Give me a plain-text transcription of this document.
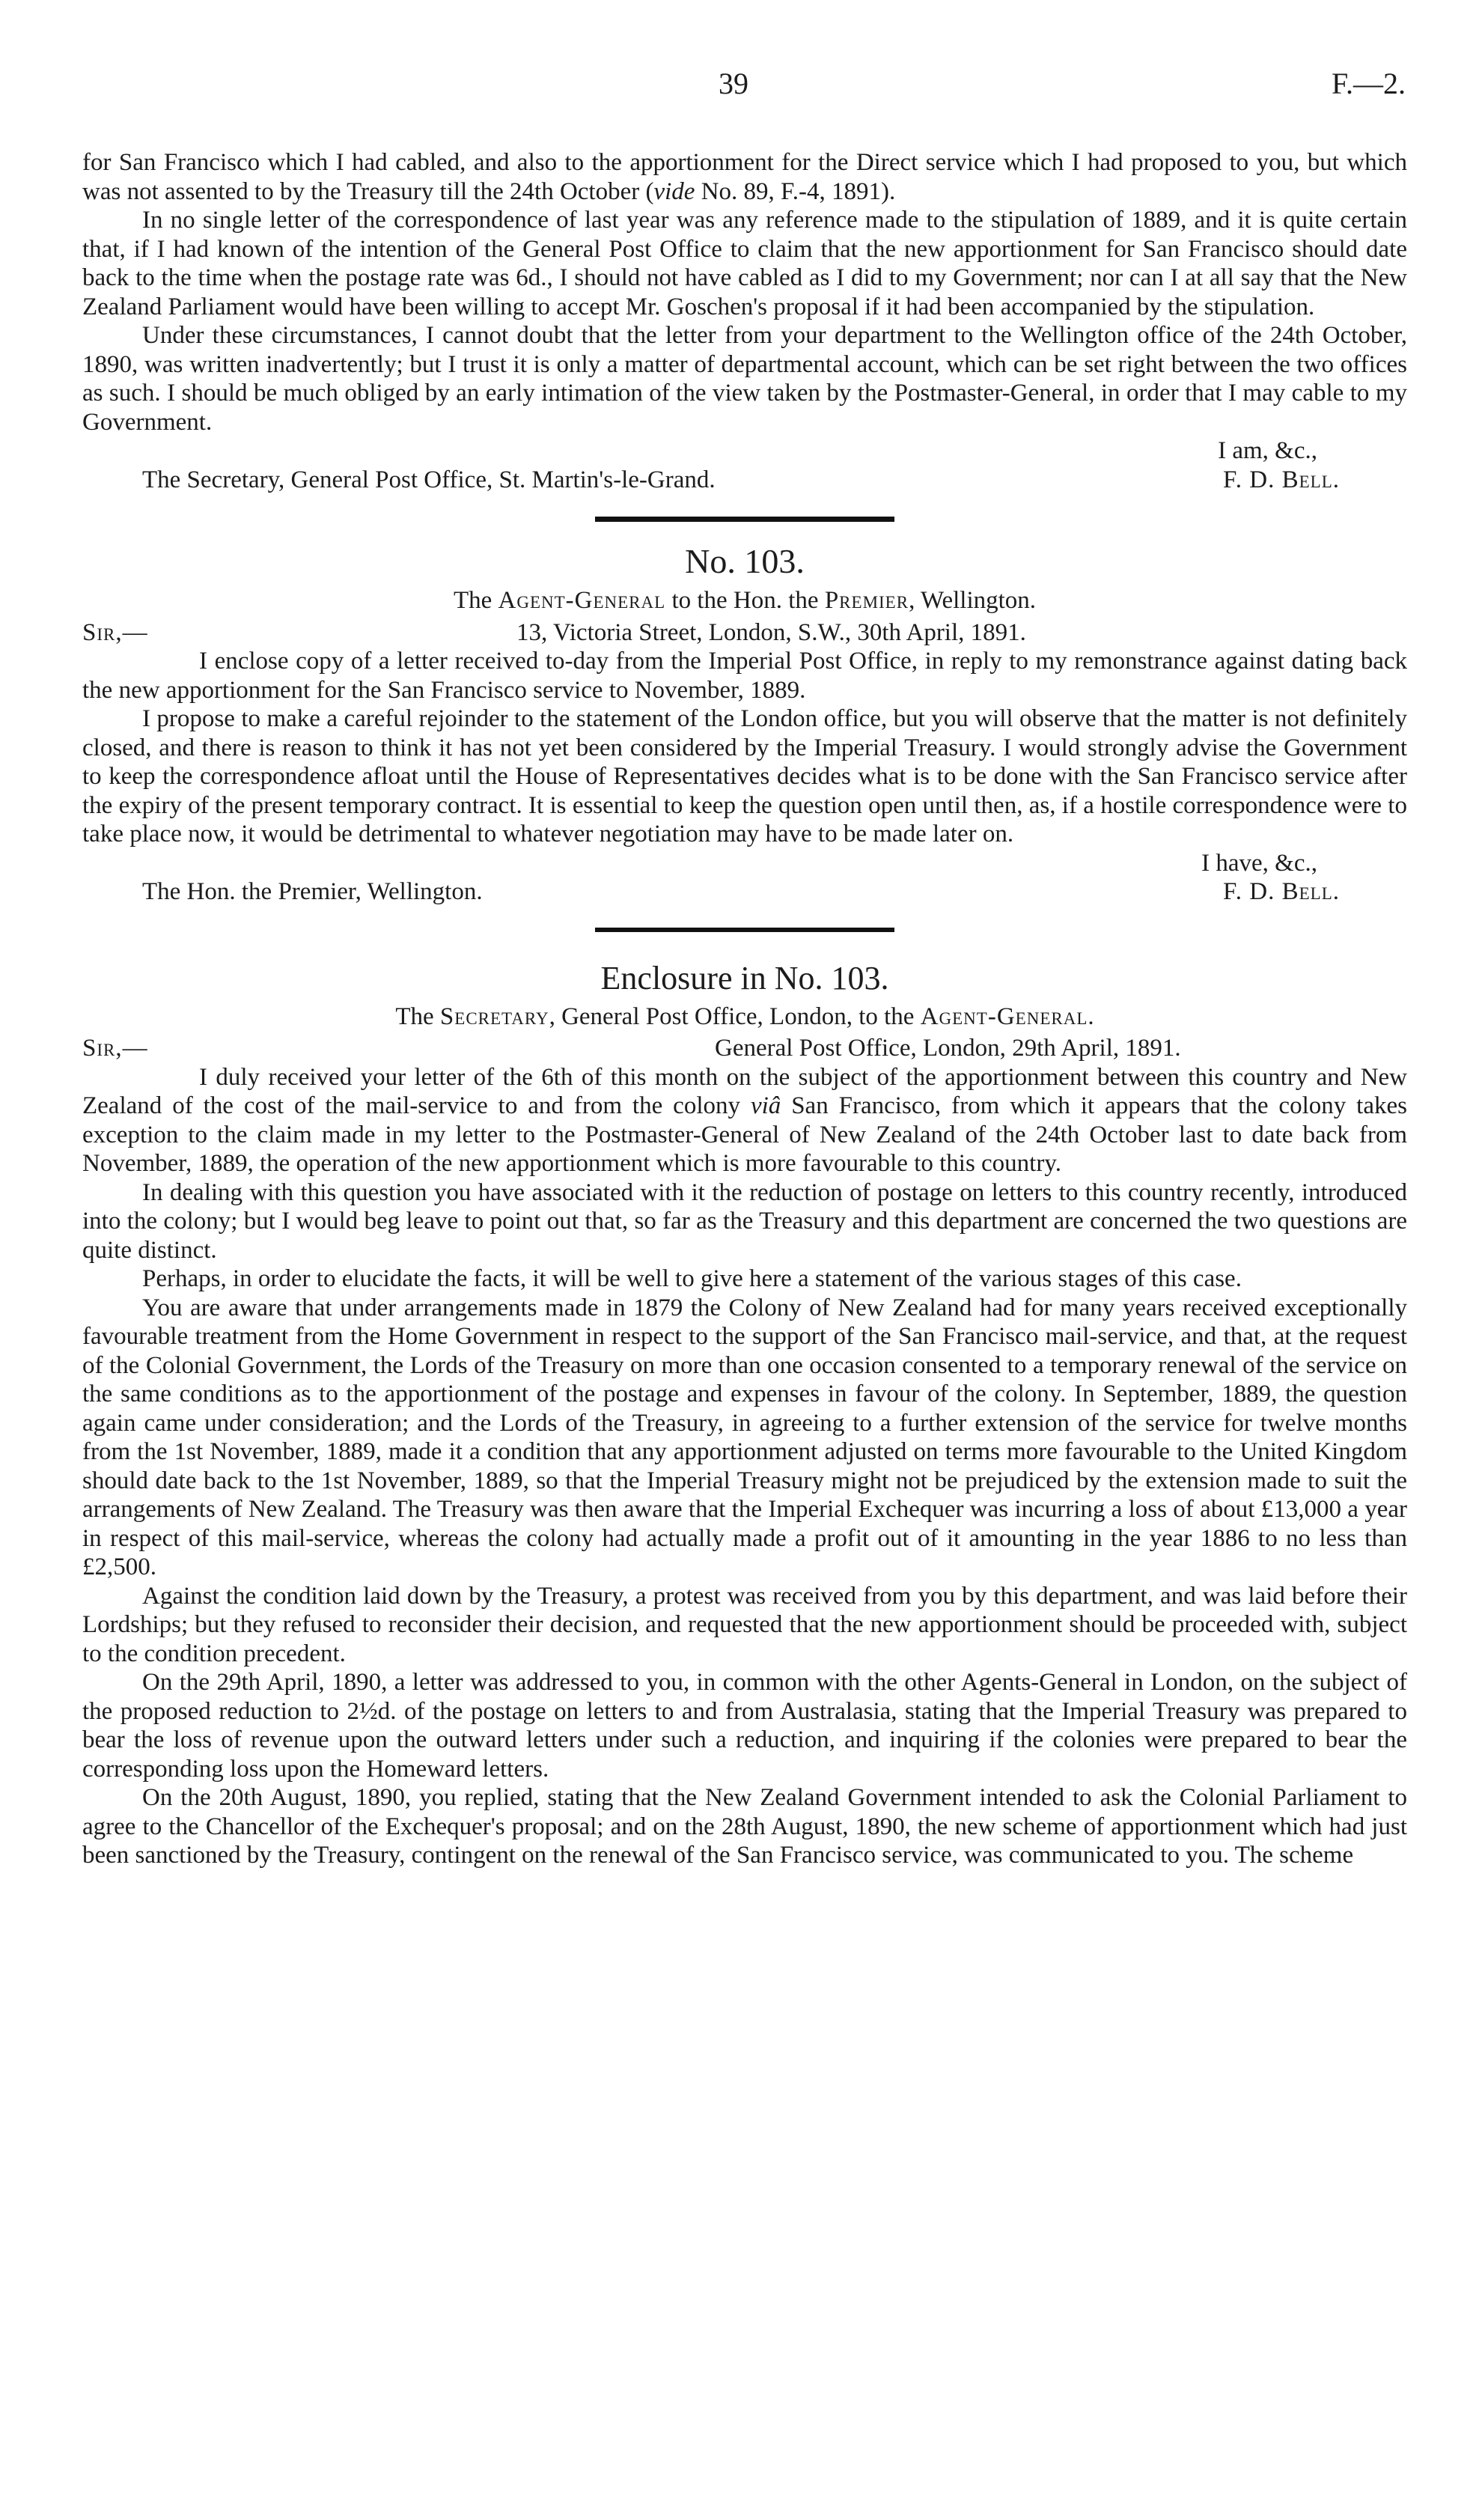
39	F.—2.

for San Francisco which I had cabled, and also to the apportionment for the Direct service which I had proposed to you, but which was not assented to by the Treasury till the 24th October (vide No. 89, F.-4, 1891).

In no single letter of the correspondence of last year was any reference made to the stipulation of 1889, and it is quite certain that, if I had known of the intention of the General Post Office to claim that the new apportionment for San Francisco should date back to the time when the postage rate was 6d., I should not have cabled as I did to my Government; nor can I at all say that the New Zealand Parliament would have been willing to accept Mr. Goschen's proposal if it had been accompanied by the stipulation.

Under these circumstances, I cannot doubt that the letter from your department to the Wellington office of the 24th October, 1890, was written inadvertently; but I trust it is only a matter of departmental account, which can be set right between the two offices as such. I should be much obliged by an early intimation of the view taken by the Postmaster-General, in order that I may cable to my Government.

I am, &c.,
The Secretary, General Post Office, St. Martin's-le-Grand.	F. D. Bell.
No. 103.
The Agent-General to the Hon. the Premier, Wellington.
Sir,—	13, Victoria Street, London, S.W., 30th April, 1891.

I enclose copy of a letter received to-day from the Imperial Post Office, in reply to my remonstrance against dating back the new apportionment for the San Francisco service to November, 1889.

I propose to make a careful rejoinder to the statement of the London office, but you will observe that the matter is not definitely closed, and there is reason to think it has not yet been considered by the Imperial Treasury. I would strongly advise the Government to keep the correspondence afloat until the House of Representatives decides what is to be done with the San Francisco service after the expiry of the present temporary contract. It is essential to keep the question open until then, as, if a hostile correspondence were to take place now, it would be detrimental to whatever negotiation may have to be made later on.

I have, &c.,
The Hon. the Premier, Wellington.	F. D. Bell.
Enclosure in No. 103.
The Secretary, General Post Office, London, to the Agent-General.
Sir,—	General Post Office, London, 29th April, 1891.

I duly received your letter of the 6th of this month on the subject of the apportionment between this country and New Zealand of the cost of the mail-service to and from the colony viâ San Francisco, from which it appears that the colony takes exception to the claim made in my letter to the Postmaster-General of New Zealand of the 24th October last to date back from November, 1889, the operation of the new apportionment which is more favourable to this country.

In dealing with this question you have associated with it the reduction of postage on letters to this country recently, introduced into the colony; but I would beg leave to point out that, so far as the Treasury and this department are concerned the two questions are quite distinct.

Perhaps, in order to elucidate the facts, it will be well to give here a statement of the various stages of this case.

You are aware that under arrangements made in 1879 the Colony of New Zealand had for many years received exceptionally favourable treatment from the Home Government in respect to the support of the San Francisco mail-service, and that, at the request of the Colonial Government, the Lords of the Treasury on more than one occasion consented to a temporary renewal of the service on the same conditions as to the apportionment of the postage and expenses in favour of the colony. In September, 1889, the question again came under consideration; and the Lords of the Treasury, in agreeing to a further extension of the service for twelve months from the 1st November, 1889, made it a condition that any apportionment adjusted on terms more favourable to the United Kingdom should date back to the 1st November, 1889, so that the Imperial Treasury might not be prejudiced by the extension made to suit the arrangements of New Zealand. The Treasury was then aware that the Imperial Exchequer was incurring a loss of about £13,000 a year in respect of this mail-service, whereas the colony had actually made a profit out of it amounting in the year 1886 to no less than £2,500.

Against the condition laid down by the Treasury, a protest was received from you by this department, and was laid before their Lordships; but they refused to reconsider their decision, and requested that the new apportionment should be proceeded with, subject to the condition precedent.

On the 29th April, 1890, a letter was addressed to you, in common with the other Agents-General in London, on the subject of the proposed reduction to 2½d. of the postage on letters to and from Australasia, stating that the Imperial Treasury was prepared to bear the loss of revenue upon the outward letters under such a reduction, and inquiring if the colonies were prepared to bear the corresponding loss upon the Homeward letters.

On the 20th August, 1890, you replied, stating that the New Zealand Government intended to ask the Colonial Parliament to agree to the Chancellor of the Exchequer's proposal; and on the 28th August, 1890, the new scheme of apportionment which had just been sanctioned by the Treasury, contingent on the renewal of the San Francisco service, was communicated to you. The scheme
